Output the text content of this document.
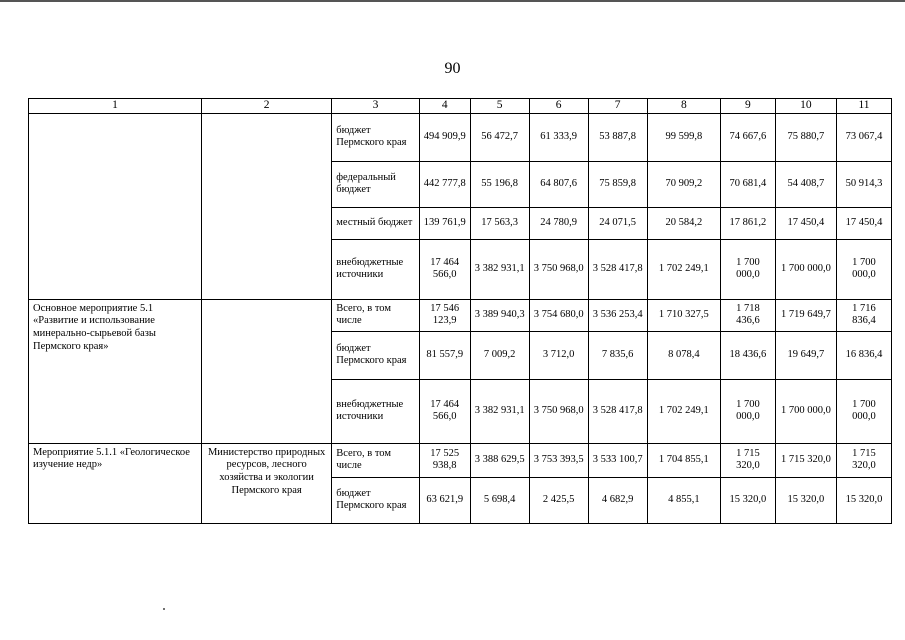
90
1	2	3	4	5	6	7	8	9	10	11
		бюджет Пермского края	494 909,9	56 472,7	61 333,9	53 887,8	99 599,8	74 667,6	75 880,7	73 067,4
		федеральный бюджет	442 777,8	55 196,8	64 807,6	75 859,8	70 909,2	70 681,4	54 408,7	50 914,3
		местный бюджет	139 761,9	17 563,3	24 780,9	24 071,5	20 584,2	17 861,2	17 450,4	17 450,4
		внебюджетные источники	17 464 566,0	3 382 931,1	3 750 968,0	3 528 417,8	1 702 249,1	1 700 000,0	1 700 000,0	1 700 000,0
Основное мероприятие 5.1 «Развитие и использование минерально-сырьевой базы Пермского края»		Всего, в том числе	17 546 123,9	3 389 940,3	3 754 680,0	3 536 253,4	1 710 327,5	1 718 436,6	1 719 649,7	1 716 836,4
		бюджет Пермского края	81 557,9	7 009,2	3 712,0	7 835,6	8 078,4	18 436,6	19 649,7	16 836,4
		внебюджетные источники	17 464 566,0	3 382 931,1	3 750 968,0	3 528 417,8	1 702 249,1	1 700 000,0	1 700 000,0	1 700 000,0
Мероприятие 5.1.1 «Геологическое изучение недр»	Министерство природных ресурсов, лесного хозяйства и экологии Пермского края	Всего, в том числе	17 525 938,8	3 388 629,5	3 753 393,5	3 533 100,7	1 704 855,1	1 715 320,0	1 715 320,0	1 715 320,0
		бюджет Пермского края	63 621,9	5 698,4	2 425,5	4 682,9	4 855,1	15 320,0	15 320,0	15 320,0
